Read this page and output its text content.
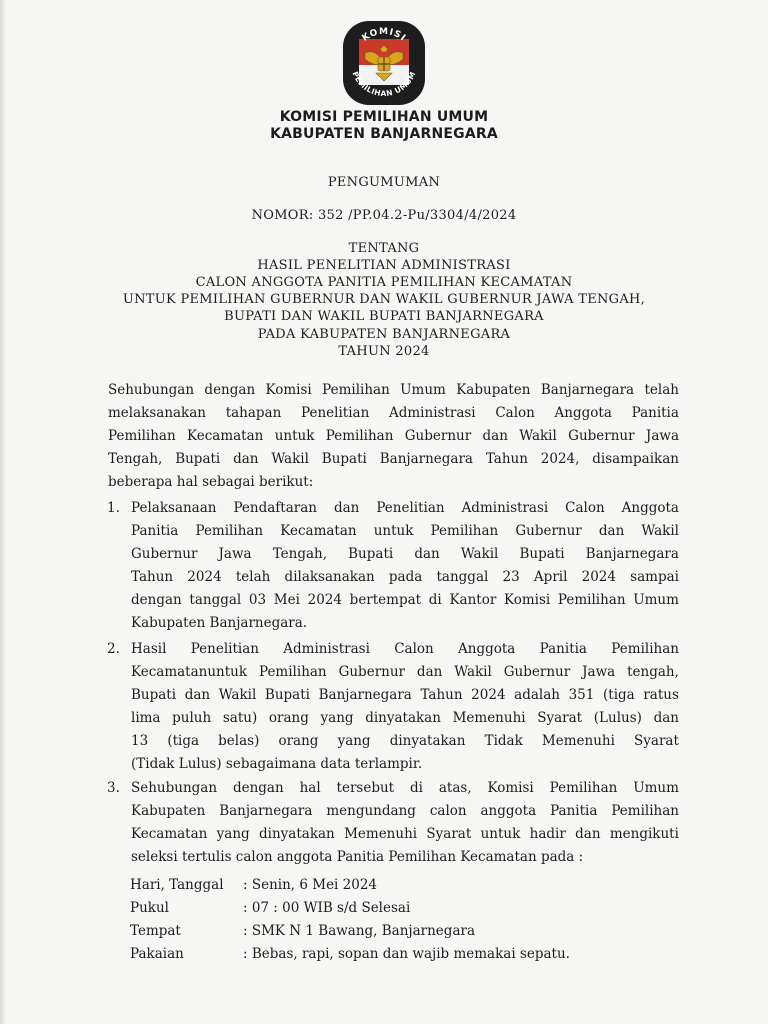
KOMISI
PEMILIHAN UMUM
KOMISI PEMILIHAN UMUM
KABUPATEN BANJARNEGARA
PENGUMUMAN
NOMOR: 352 /PP.04.2-Pu/3304/4/2024
TENTANG
HASIL PENELITIAN ADMINISTRASI
CALON ANGGOTA PANITIA PEMILIHAN KECAMATAN
UNTUK PEMILIHAN GUBERNUR DAN WAKIL GUBERNUR JAWA TENGAH,
BUPATI DAN WAKIL BUPATI BANJARNEGARA
PADA KABUPATEN BANJARNEGARA
TAHUN 2024
Sehubungan dengan Komisi Pemilihan Umum Kabupaten Banjarnegara telah
melaksanakan tahapan Penelitian Administrasi Calon Anggota Panitia
Pemilihan Kecamatan untuk Pemilihan Gubernur dan Wakil Gubernur Jawa
Tengah, Bupati dan Wakil Bupati Banjarnegara Tahun 2024, disampaikan
beberapa hal sebagai berikut:
1. Pelaksanaan Pendaftaran dan Penelitian Administrasi Calon Anggota
Panitia Pemilihan Kecamatan untuk Pemilihan Gubernur dan Wakil
Gubernur Jawa Tengah, Bupati dan Wakil Bupati Banjarnegara
Tahun 2024 telah dilaksanakan pada tanggal 23 April 2024 sampai
dengan tanggal 03 Mei 2024 bertempat di Kantor Komisi Pemilihan Umum
Kabupaten Banjarnegara.
2. Hasil Penelitian Administrasi Calon Anggota Panitia Pemilihan
Kecamatanuntuk Pemilihan Gubernur dan Wakil Gubernur Jawa tengah,
Bupati dan Wakil Bupati Banjarnegara Tahun 2024 adalah 351 (tiga ratus
lima puluh satu) orang yang dinyatakan Memenuhi Syarat (Lulus) dan
13 (tiga belas) orang yang dinyatakan Tidak Memenuhi Syarat
(Tidak Lulus) sebagaimana data terlampir.
3. Sehubungan dengan hal tersebut di atas, Komisi Pemilihan Umum
Kabupaten Banjarnegara mengundang calon anggota Panitia Pemilihan
Kecamatan yang dinyatakan Memenuhi Syarat untuk hadir dan mengikuti
seleksi tertulis calon anggota Panitia Pemilihan Kecamatan pada :
Hari, Tanggal : Senin, 6 Mei 2024
Pukul	: 07 : 00 WIB s/d Selesai
Tempat	: SMK N 1 Bawang, Banjarnegara
Pakaian	: Bebas, rapi, sopan dan wajib memakai sepatu.
